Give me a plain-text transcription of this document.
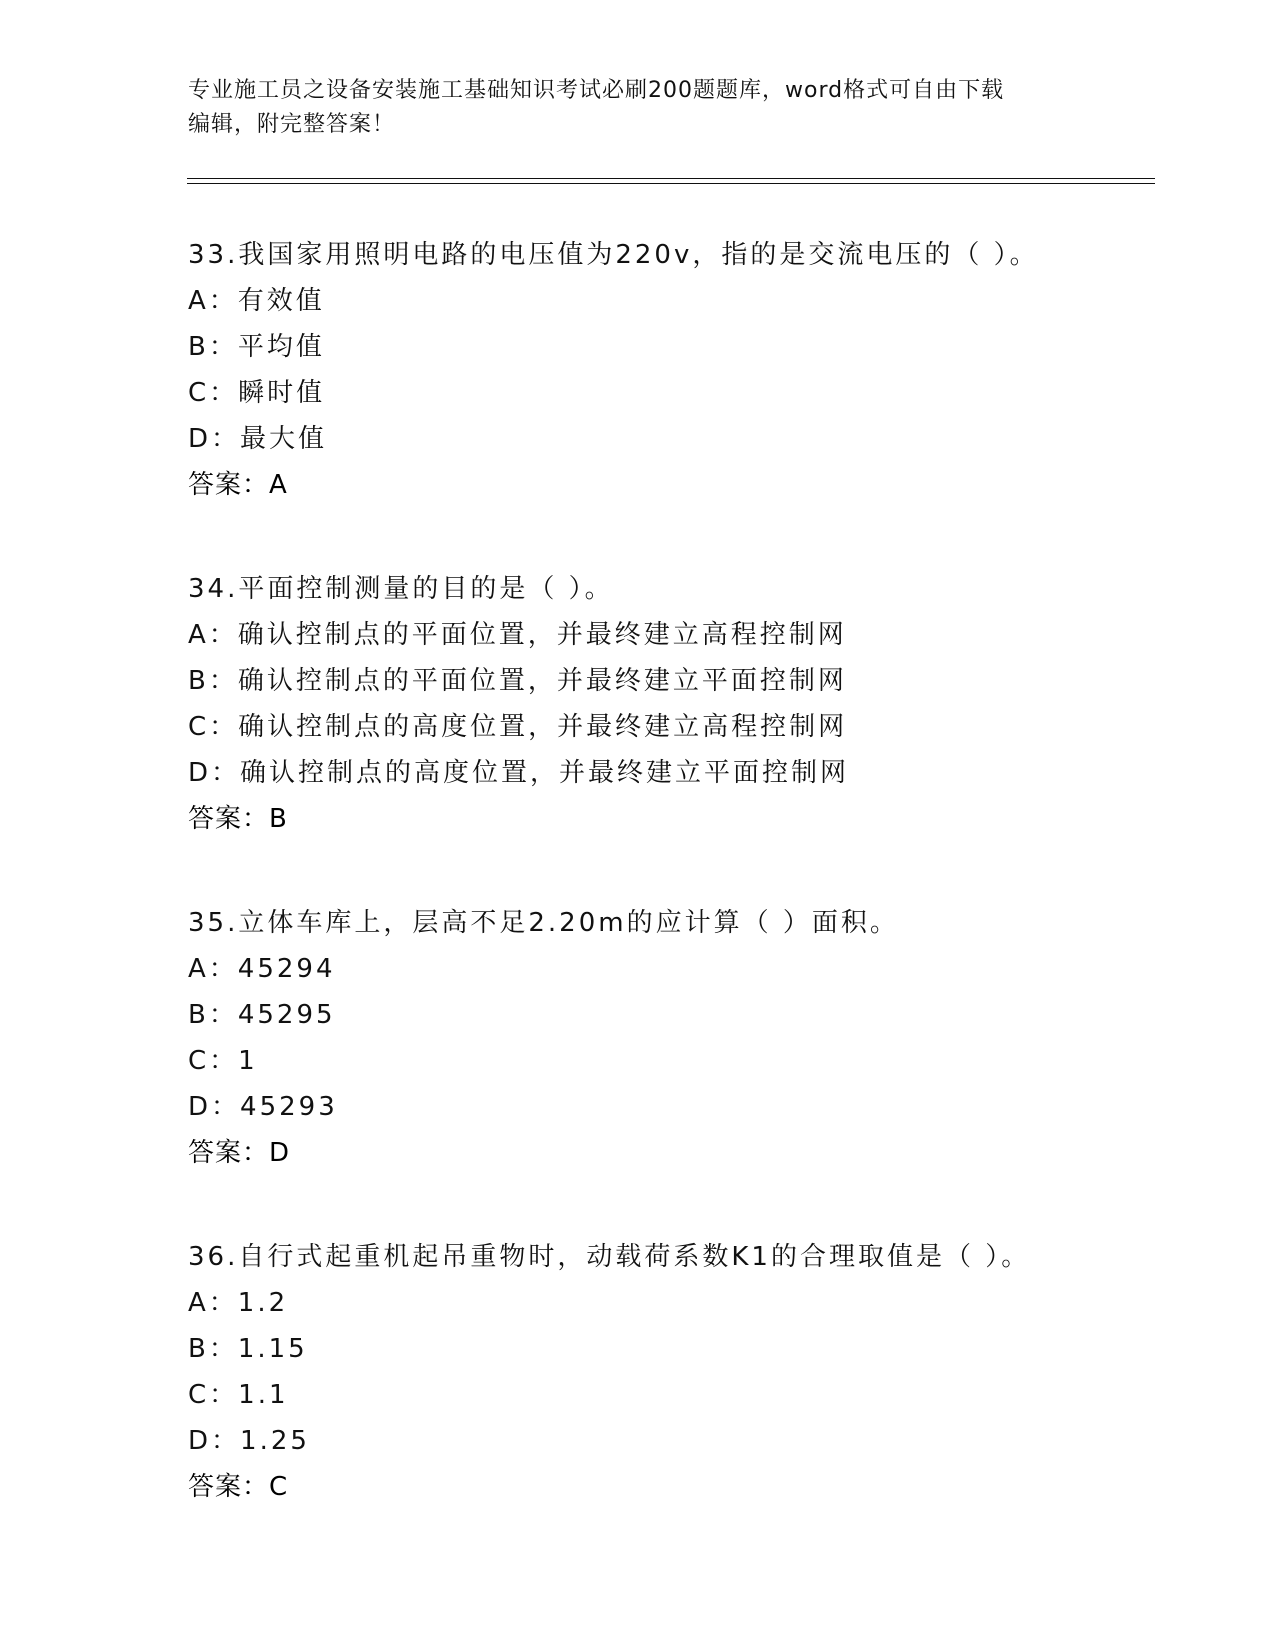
专业施工员之设备安装施工基础知识考试必刷200题题库，word格式可自由下载
编辑，附完整答案！
33.我国家用照明电路的电压值为220v，指的是交流电压的（ ）。
A：有效值
B：平均值
C：瞬时值
D：最大值
答案：A
34.平面控制测量的目的是（ ）。
A：确认控制点的平面位置，并最终建立高程控制网
B：确认控制点的平面位置，并最终建立平面控制网
C：确认控制点的高度位置，并最终建立高程控制网
D：确认控制点的高度位置，并最终建立平面控制网
答案：B
35.立体车库上，层高不足2.20m的应计算（ ）面积。
A：45294
B：45295
C：1
D：45293
答案：D
36.自行式起重机起吊重物时，动载荷系数K1的合理取值是（ ）。
A：1.2
B：1.15
C：1.1
D：1.25
答案：C
